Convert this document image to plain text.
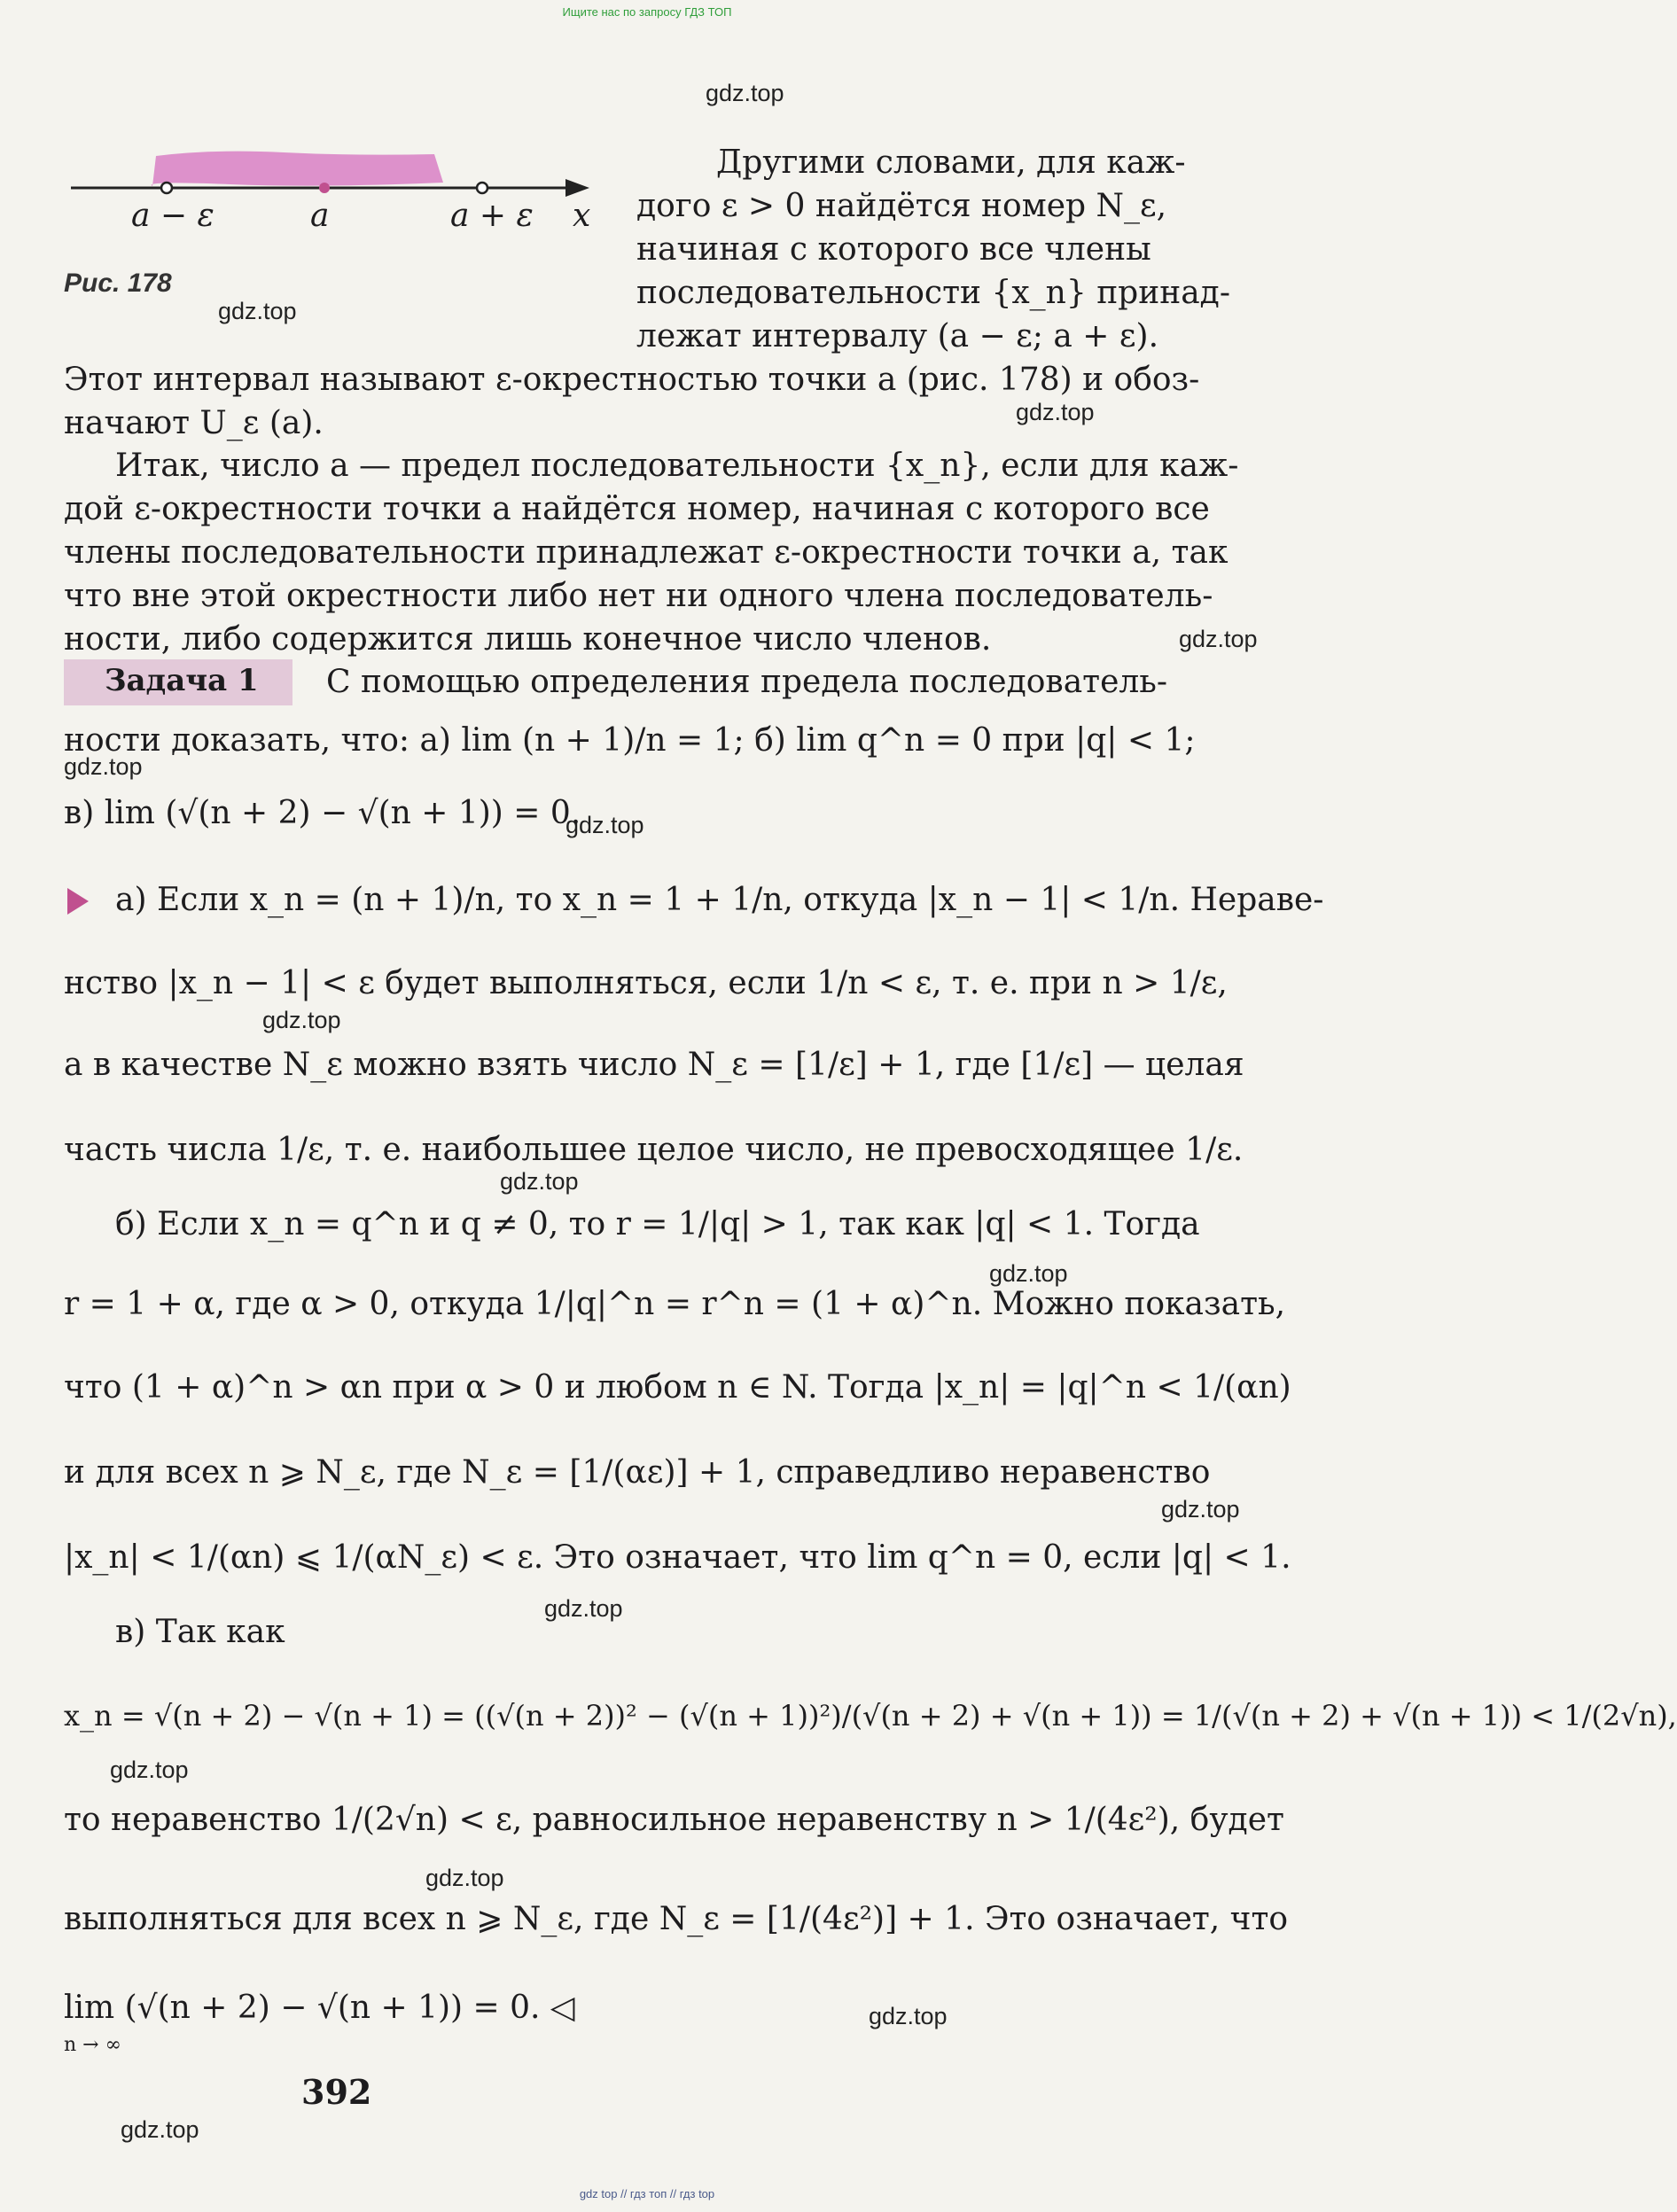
Ищите нас по запросу ГДЗ ТОП
gdz top // гдз топ // гдз top
gdz.top
gdz.top
gdz.top
gdz.top
gdz.top
gdz.top
gdz.top
gdz.top
gdz.top
gdz.top
gdz.top
gdz.top
gdz.top
gdz.top
gdz.top
a − ε	a	a + ε x
Рис. 178
Другими словами, для каж-
дого ε > 0 найдётся номер N_ε,
начиная с которого все члены
последовательности {x_n} принад-
лежат интервалу (a − ε; a + ε).
Этот интервал называют ε-окрестностью точки a (рис. 178) и обоз-
начают U_ε (a).
Итак, число a — предел последовательности {x_n}, если для каж-
дой ε-окрестности точки a найдётся номер, начиная с которого все
члены последовательности принадлежат ε-окрестности точки a, так
что вне этой окрестности либо нет ни одного члена последователь-
ности, либо содержится лишь конечное число членов.
Задача 1 С помощью определения предела последователь-
ности доказать, что: а) lim (n + 1)/n = 1; б) lim q^n = 0 при |q| < 1;
в) lim (√(n + 2) − √(n + 1)) = 0.
а) Если x_n = (n + 1)/n, то x_n = 1 + 1/n, откуда |x_n − 1| < 1/n. Нераве-
нство |x_n − 1| < ε будет выполняться, если 1/n < ε, т. е. при n > 1/ε,
а в качестве N_ε можно взять число N_ε = [1/ε] + 1, где [1/ε] — целая
часть числа 1/ε, т. е. наибольшее целое число, не превосходящее 1/ε.
б) Если x_n = q^n и q ≠ 0, то r = 1/|q| > 1, так как |q| < 1. Тогда
r = 1 + α, где α > 0, откуда 1/|q|^n = r^n = (1 + α)^n. Можно показать,
что (1 + α)^n > αn при α > 0 и любом n ∈ N. Тогда |x_n| = |q|^n < 1/(αn)
и для всех n ⩾ N_ε, где N_ε = [1/(αε)] + 1, справедливо неравенство
|x_n| < 1/(αn) ⩽ 1/(αN_ε) < ε. Это означает, что lim q^n = 0, если |q| < 1.
в) Так как
x_n = √(n + 2) − √(n + 1) = ((√(n + 2))² − (√(n + 1))²)/(√(n + 2) + √(n + 1)) = 1/(√(n + 2) + √(n + 1)) < 1/(2√n),
то неравенство 1/(2√n) < ε, равносильное неравенству n > 1/(4ε²), будет
выполняться для всех n ⩾ N_ε, где N_ε = [1/(4ε²)] + 1. Это означает, что
lim (√(n + 2) − √(n + 1)) = 0. ◁
n → ∞
392
